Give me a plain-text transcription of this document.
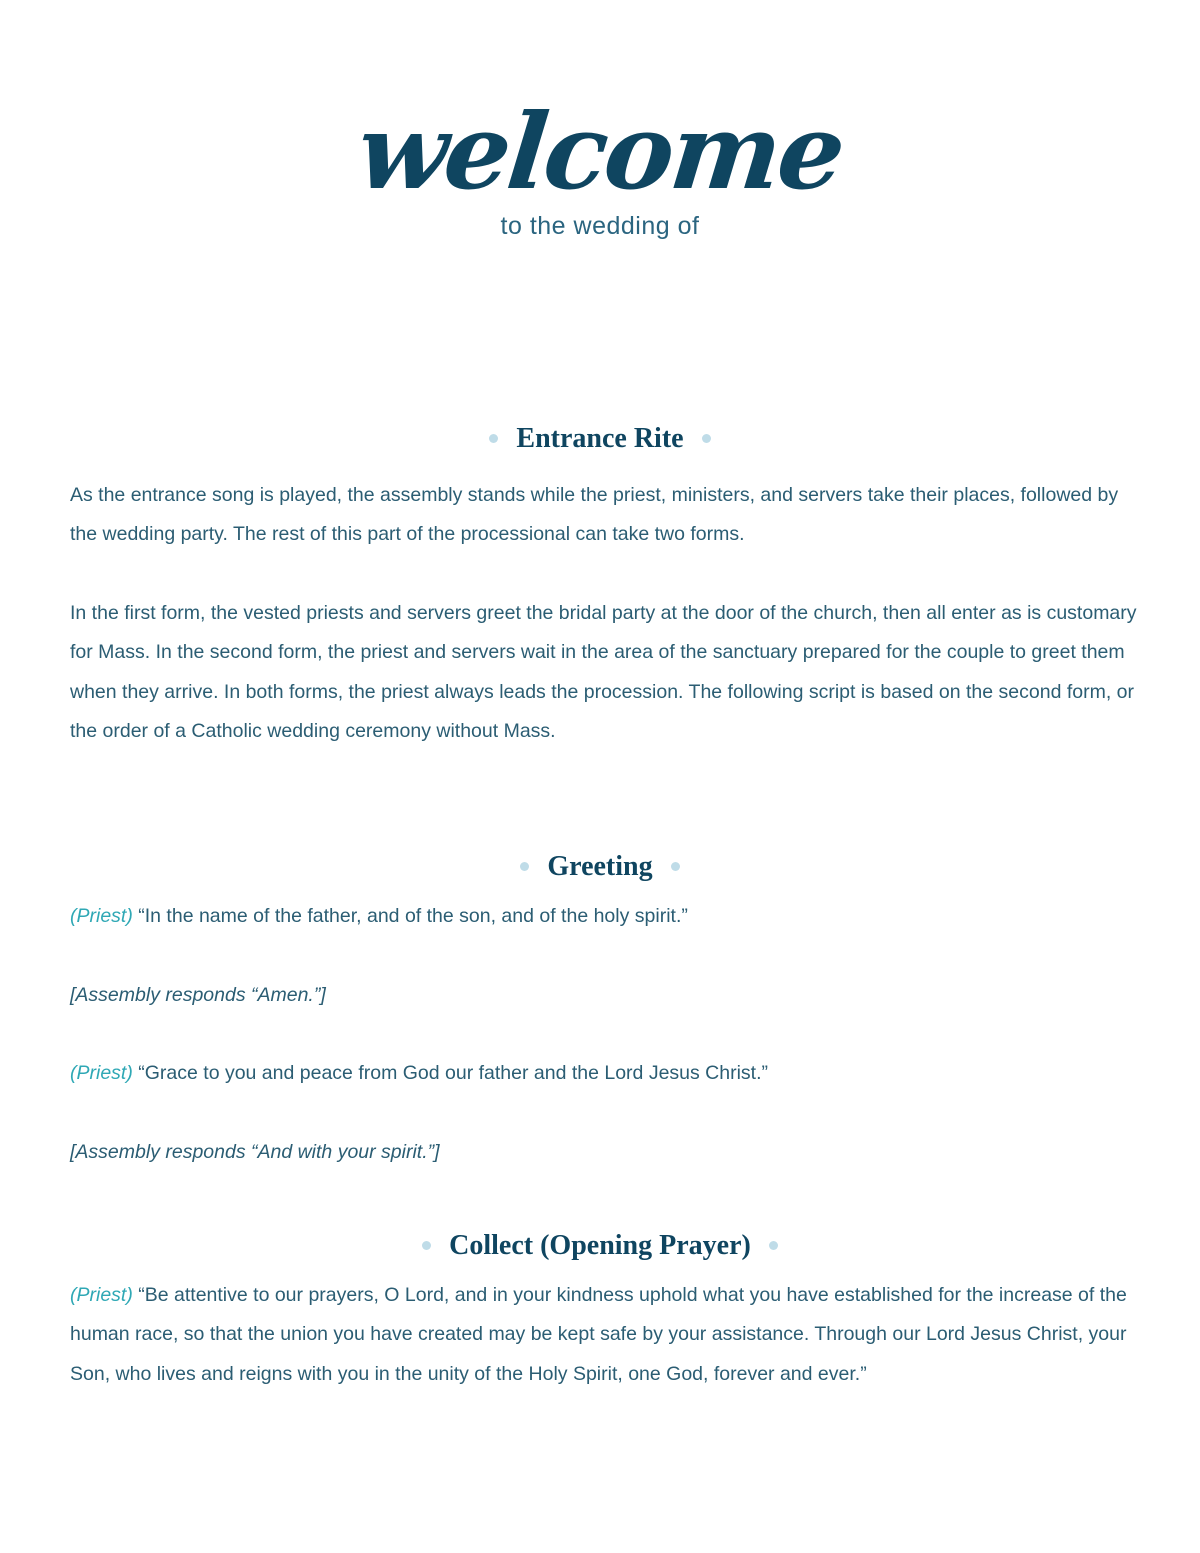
welcome
to the wedding of
Entrance Rite

As the entrance song is played, the assembly stands while the priest, ministers, and servers take their places, followed by the wedding party. The rest of this part of the processional can take two forms.

In the first form, the vested priests and servers greet the bridal party at the door of the church, then all enter as is customary for Mass. In the second form, the priest and servers wait in the area of the sanctuary prepared for the couple to greet them when they arrive. In both forms, the priest always leads the procession. The following script is based on the second form, or the order of a Catholic wedding ceremony without Mass.

Greeting

(Priest) “In the name of the father, and of the son, and of the holy spirit.”

[Assembly responds “Amen.”]

(Priest) “Grace to you and peace from God our father and the Lord Jesus Christ.”

[Assembly responds “And with your spirit.”]

Collect (Opening Prayer)

(Priest) “Be attentive to our prayers, O Lord, and in your kindness uphold what you have established for the increase of the human race, so that the union you have created may be kept safe by your assistance. Through our Lord Jesus Christ, your Son, who lives and reigns with you in the unity of the Holy Spirit, one God, forever and ever.”
